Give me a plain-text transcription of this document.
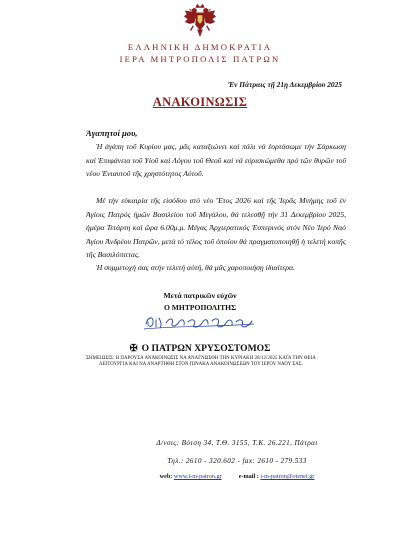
ΕΛΛΗΝΙΚΗ ΔΗΜΟΚΡΑΤΙΑ
ΙΕΡΑ ΜΗΤΡΟΠΟΛΙΣ ΠΑΤΡΩΝ
Έν Πάτραις τῇ 21ῃ Δεκεμβρίου 2025
ΑΝΑΚΟΙΝΩΣΙΣ
Ἀγαπητοί μου,

Ἡ ἀγάπη τοῦ Κυρίου μας, μᾶς καταξιώνει καί πάλι νά ἑορτάσωμε τήν Σάρκωση καί Ἐπιφάνεια τοῦ Υἱοῦ καί Λόγου τοῦ Θεοῦ καί νά εὑρισκώμεθα πρό τῶν θυρῶν τοῦ νέου Ἐνιαυτοῦ τῆς χρηστότητος Αὐτοῦ.

Μέ τήν εὐκαιρία τῆς εἰσόδου στό νέο Ἔτος 2026 καί τῆς Ἱερᾶς Μνήμης τοῦ ἐν Ἁγίοις Πατρός ἡμῶν Βασιλείου τοῦ Μεγάλου, θά τελεσθῇ τήν 31 Δεκεμβρίου 2025, ἡμέρα Τετάρτη καί ὥρα 6.00μ.μ. Μέγας Ἀρχιερατικός Ἑσπερινός στόν Νέο Ἱερό Ναό Ἁγίου Ἀνδρέου Πατρῶν, μετά τό τέλος τοῦ ὁποίου θά πραγματοποιηθῇ ἡ τελετή κοπῆς τῆς Βασιλόπιττας.

Ἡ συμμετοχή σας στήν τελετή αὐτή, θά μᾶς χαροποιήσῃ ἰδιαίτερα.

Μετά πατρικῶν εὐχῶν
Ο ΜΗΤΡΟΠΟΛΙΤΗΣ
✠ Ο ΠΑΤΡΩΝ ΧΡΥΣΟΣΤΟΜΟΣ
ΣΗΜΕΙΩΣΙΣ: Η ΠΑΡΟΥΣΑ ΑΝΑΚΟΙΝΩΣΙΣ ΝΑ ΑΝΑΓΝΩΣΘΗ ΤΗΝ ΚΥΡΙΑΚΗ 28/12/2025 ΚΑΤΑ ΤΗΝ ΘΕΙΑ ΛΕΙΤΟΥΡΓΙΑ ΚΑΙ ΝΑ ΑΝΑΡΤΗΘΗ ΣΤΟΝ ΠΙΝΑΚΑ ΑΝΑΚΟΙΝΩΣΕΩΝ ΤΟΥ ΙΕΡΟΥ ΝΑΟΥ ΣΑΣ.
Δ/νσις: Βότση 34, Τ.Θ. 3155, Τ.Κ. 26.221, Πάτραι
Τηλ.: 2610 - 320.602 - fax: 2610 - 279.533
web: www.i-m-patron.gr	e-mail : i-m-patron@otenet.gr
